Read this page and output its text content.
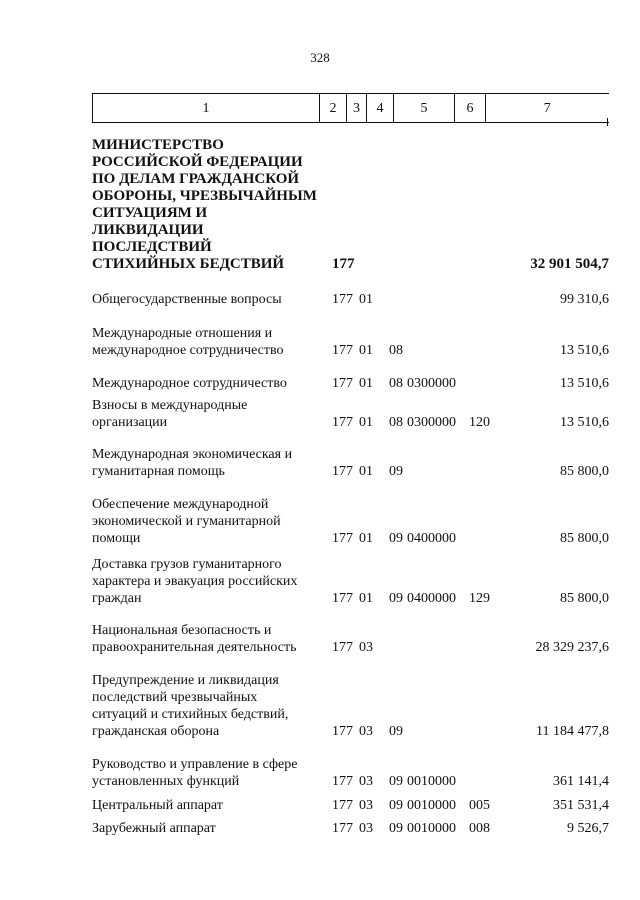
328
1	2	3	4	5	6	7
МИНИСТЕРСТВО
РОССИЙСКОЙ ФЕДЕРАЦИИ
ПО ДЕЛАМ ГРАЖДАНСКОЙ
ОБОРОНЫ, ЧРЕЗВЫЧАЙНЫМ
СИТУАЦИЯМ И
ЛИКВИДАЦИИ
ПОСЛЕДСТВИЙ
СТИХИЙНЫХ БЕДСТВИЙ	177	32 901 504,7
Общегосударственные вопросы	177 01	99 310,6
Международные отношения и
международное сотрудничество	177 01 08	13 510,6
Международное сотрудничество	177 01 08 0300000	13 510,6
Взносы в международные
организации	177 01 08 0300000 120	13 510,6
Международная экономическая и
гуманитарная помощь	177 01 09	85 800,0
Обеспечение международной
экономической и гуманитарной
помощи	177 01 09 0400000	85 800,0
Доставка грузов гуманитарного
характера и эвакуация российских
граждан	177 01 09 0400000 129	85 800,0
Национальная безопасность и
правоохранительная деятельность	177 03	28 329 237,6
Предупреждение и ликвидация
последствий чрезвычайных
ситуаций и стихийных бедствий,
гражданская оборона	177 03 09	11 184 477,8
Руководство и управление в сфере
установленных функций	177 03 09 0010000	361 141,4
Центральный аппарат	177 03 09 0010000 005	351 531,4
Зарубежный аппарат	177 03 09 0010000 008	9 526,7
